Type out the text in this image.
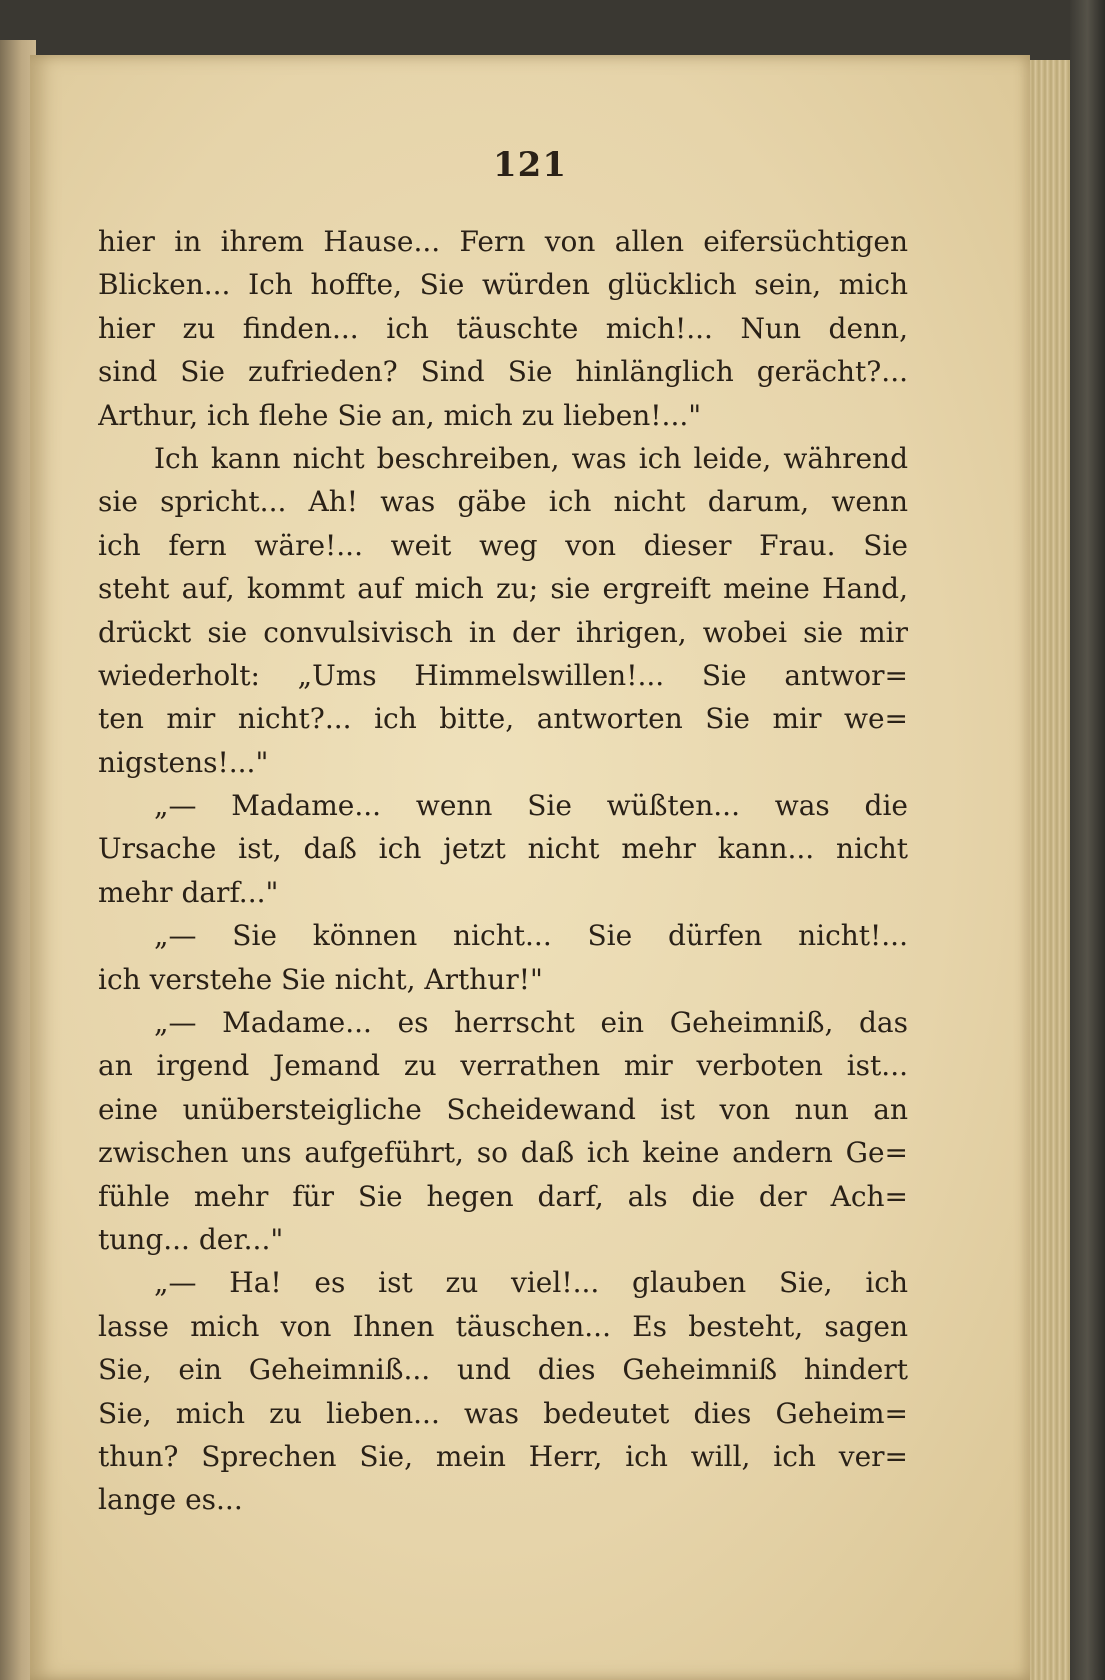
121
hier in ihrem Hause... Fern von allen eifersüchtigen
Blicken... Ich hoffte, Sie würden glücklich sein, mich
hier zu finden... ich täuschte mich!... Nun denn,
sind Sie zufrieden? Sind Sie hinlänglich gerächt?...
Arthur, ich flehe Sie an, mich zu lieben!..."
Ich kann nicht beschreiben, was ich leide, während
sie spricht... Ah! was gäbe ich nicht darum, wenn
ich fern wäre!... weit weg von dieser Frau. Sie
steht auf, kommt auf mich zu; sie ergreift meine Hand,
drückt sie convulsivisch in der ihrigen, wobei sie mir
wiederholt: „Ums Himmelswillen!... Sie antwor=
ten mir nicht?... ich bitte, antworten Sie mir we=
nigstens!..."
„— Madame... wenn Sie wüßten... was die
Ursache ist, daß ich jetzt nicht mehr kann... nicht
mehr darf..."
„— Sie können nicht... Sie dürfen nicht!...
ich verstehe Sie nicht, Arthur!"
„— Madame... es herrscht ein Geheimniß, das
an irgend Jemand zu verrathen mir verboten ist...
eine unübersteigliche Scheidewand ist von nun an
zwischen uns aufgeführt, so daß ich keine andern Ge=
fühle mehr für Sie hegen darf, als die der Ach=
tung... der..."
„— Ha! es ist zu viel!... glauben Sie, ich
lasse mich von Ihnen täuschen... Es besteht, sagen
Sie, ein Geheimniß... und dies Geheimniß hindert
Sie, mich zu lieben... was bedeutet dies Geheim=
thun? Sprechen Sie, mein Herr, ich will, ich ver=
lange es...
